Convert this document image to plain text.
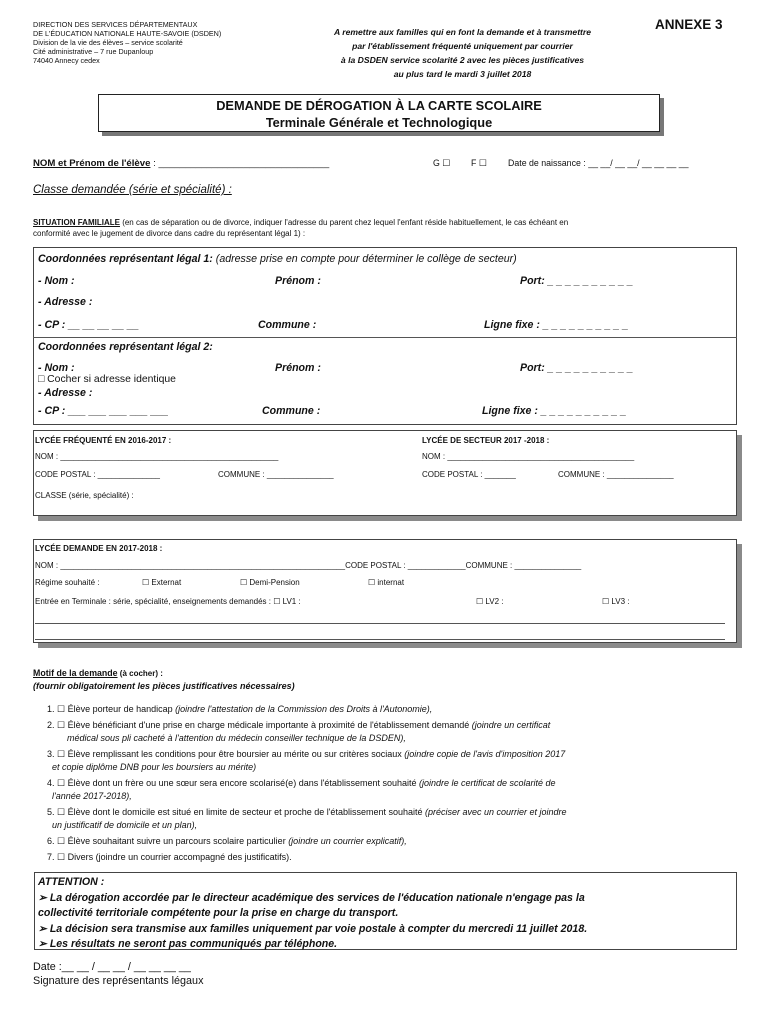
DIRECTION DES SERVICES DÉPARTEMENTAUX
DE L'ÉDUCATION NATIONALE HAUTE-SAVOIE (DSDEN)
Division de la vie des élèves – service scolarité
Cité administrative – 7 rue Dupanloup
74040 Annecy cedex
A remettre aux familles qui en font la demande et à transmettre
par l'établissement fréquenté uniquement par courrier
à la DSDEN service scolarité 2 avec les pièces justificatives
au plus tard le mardi 3 juillet 2018
ANNEXE 3
DEMANDE DE DÉROGATION À LA CARTE SCOLAIRE
Terminale Générale et Technologique
NOM et Prénom de l'élève : ________________________________	G ☐ F ☐ Date de naissance : __ __/ __ __/ __ __ __ __
Classe demandée (série et spécialité) :
SITUATION FAMILIALE (en cas de séparation ou de divorce, indiquer l'adresse du parent chez lequel l'enfant réside habituellement, le cas échéant en
conformité avec le jugement de divorce dans cadre du représentant légal 1) :
Coordonnées représentant légal 1: (adresse prise en compte pour déterminer le collège de secteur)
- Nom :	Prénom :	Port: _ _ _ _ _ _ _ _ _ _
- Adresse :
- CP : __ __ __ __ __	Commune :	Ligne fixe : _ _ _ _ _ _ _ _ _ _
Coordonnées représentant légal 2:
- Nom :	Prénom :	Port: _ _ _ _ _ _ _ _ _ _
□ Cocher si adresse identique
- Adresse :
- CP : ___ ___ ___ ___ ___	Commune :	Ligne fixe : _ _ _ _ _ _ _ _ _ _
LYCÉE FRÉQUENTÉ EN 2016-2017 :
NOM : _________________________________________________
CODE POSTAL : ______________	COMMUNE : _______________
CLASSE (série, spécialité) :
LYCÉE DE SECTEUR 2017 -2018 :
NOM : __________________________________________
CODE POSTAL : _______	COMMUNE : _______________
LYCÉE DEMANDE EN 2017-2018 :
NOM : ________________________________________________________________CODE POSTAL : _____________COMMUNE : _______________
Régime souhaité :	☐ Externat	☐ Demi-Pension	☐ internat
Entrée en Terminale : série, spécialité, enseignements demandés : ☐ LV1 :	☐ LV2 :	☐ LV3 :
Motif de la demande (à cocher) :
(fournir obligatoirement les pièces justificatives nécessaires)
1. ☐ Élève porteur de handicap (joindre l'attestation de la Commission des Droits à l'Autonomie),
2. ☐ Élève bénéficiant d'une prise en charge médicale importante à proximité de l'établissement demandé (joindre un certificat
médical sous pli cacheté à l'attention du médecin conseiller technique de la DSDEN),
3. ☐ Élève remplissant les conditions pour être boursier au mérite ou sur critères sociaux (joindre copie de l'avis d'imposition 2017
et copie diplôme DNB pour les boursiers au mérite)
4. ☐ Élève dont un frère ou une sœur sera encore scolarisé(e) dans l'établissement souhaité (joindre le certificat de scolarité de
l'année 2017-2018),
5. ☐ Élève dont le domicile est situé en limite de secteur et proche de l'établissement souhaité (préciser avec un courrier et joindre
un justificatif de domicile et un plan),
6. ☐ Élève souhaitant suivre un parcours scolaire particulier (joindre un courrier explicatif),
7. ☐ Divers (joindre un courrier accompagné des justificatifs).
ATTENTION :
➢ La dérogation accordée par le directeur académique des services de l'éducation nationale n'engage pas la
collectivité territoriale compétente pour la prise en charge du transport.
➢ La décision sera transmise aux familles uniquement par voie postale à compter du mercredi 11 juillet 2018.
➢ Les résultats ne seront pas communiqués par téléphone.
Date :__ __ / __ __ / __ __ __ __
Signature des représentants légaux
